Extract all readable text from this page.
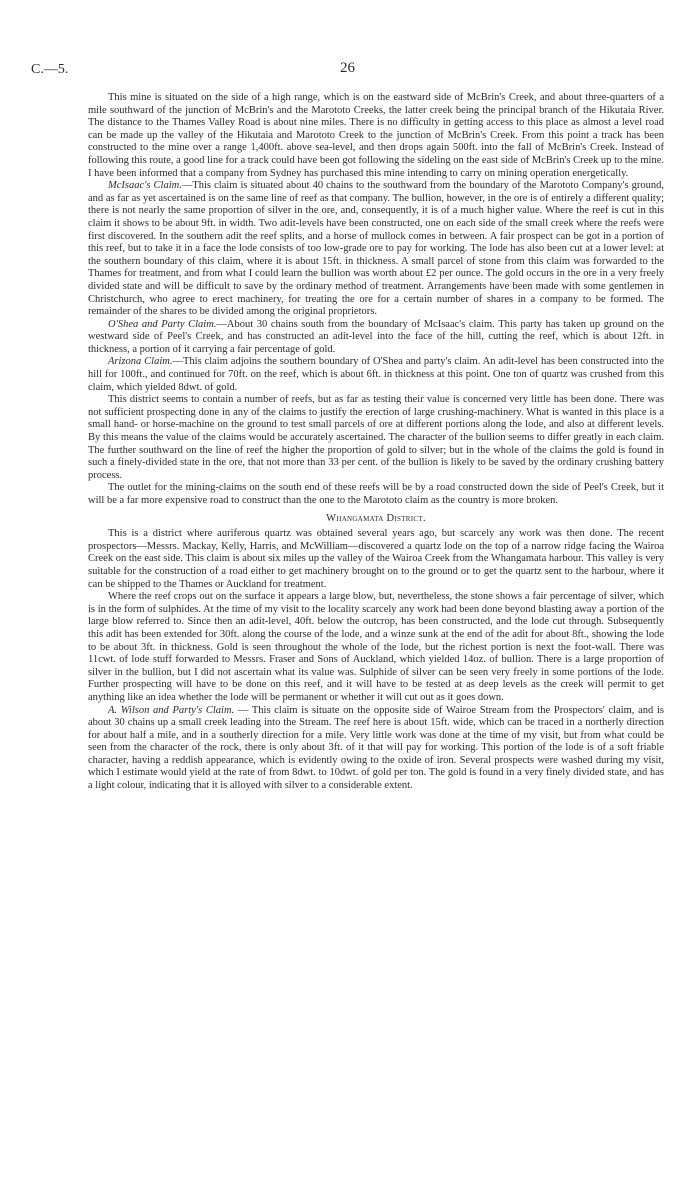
C.—5.	26

This mine is situated on the side of a high range, which is on the eastward side of McBrin's Creek, and about three-quarters of a mile southward of the junction of McBrin's and the Marototo Creeks, the latter creek being the principal branch of the Hikutaia River. The distance to the Thames Valley Road is about nine miles. There is no difficulty in getting access to this place as almost a level road can be made up the valley of the Hikutaia and Marototo Creek to the junction of McBrin's Creek. From this point a track has been constructed to the mine over a range 1,400ft. above sea-level, and then drops again 500ft. into the fall of McBrin's Creek. Instead of following this route, a good line for a track could have been got following the sideling on the east side of McBrin's Creek up to the mine. I have been informed that a company from Sydney has purchased this mine intending to carry on mining operation energetically.

McIsaac's Claim.—This claim is situated about 40 chains to the southward from the boundary of the Marototo Company's ground, and as far as yet ascertained is on the same line of reef as that company. The bullion, however, in the ore is of entirely a different quality; there is not nearly the same proportion of silver in the ore, and, consequently, it is of a much higher value. Where the reef is cut in this claim it shows to be about 9ft. in width. Two adit-levels have been constructed, one on each side of the small creek where the reefs were first discovered. In the southern adit the reef splits, and a horse of mullock comes in between. A fair prospect can be got in a portion of this reef, but to take it in a face the lode consists of too low-grade ore to pay for working. The lode has also been cut at a lower level: at the southern boundary of this claim, where it is about 15ft. in thickness. A small parcel of stone from this claim was forwarded to the Thames for treatment, and from what I could learn the bullion was worth about £2 per ounce. The gold occurs in the ore in a very freely divided state and will be difficult to save by the ordinary method of treatment. Arrangements have been made with some gentlemen in Christchurch, who agree to erect machinery, for treating the ore for a certain number of shares in a company to be formed. The remainder of the shares to be divided among the original proprietors.

O'Shea and Party Claim.—About 30 chains south from the boundary of McIsaac's claim. This party has taken up ground on the westward side of Peel's Creek, and has constructed an adit-level into the face of the hill, cutting the reef, which is about 12ft. in thickness, a portion of it carrying a fair percentage of gold.

Arizona Claim.—This claim adjoins the southern boundary of O'Shea and party's claim. An adit-level has been constructed into the hill for 100ft., and continued for 70ft. on the reef, which is about 6ft. in thickness at this point. One ton of quartz was crushed from this claim, which yielded 8dwt. of gold.

This district seems to contain a number of reefs, but as far as testing their value is concerned very little has been done. There was not sufficient prospecting done in any of the claims to justify the erection of large crushing-machinery. What is wanted in this place is a small hand- or horse-machine on the ground to test small parcels of ore at different portions along the lode, and also at different levels. By this means the value of the claims would be accurately ascertained. The character of the bullion seems to differ greatly in each claim. The further southward on the line of reef the higher the proportion of gold to silver; but in the whole of the claims the gold is found in such a finely-divided state in the ore, that not more than 33 per cent. of the bullion is likely to be saved by the ordinary crushing battery process.

The outlet for the mining-claims on the south end of these reefs will be by a road constructed down the side of Peel's Creek, but it will be a far more expensive road to construct than the one to the Marototo claim as the country is more broken.

Whangamata District.

This is a district where auriferous quartz was obtained several years ago, but scarcely any work was then done. The recent prospectors—Messrs. Mackay, Kelly, Harris, and McWilliam—discovered a quartz lode on the top of a narrow ridge facing the Wairoa Creek on the east side. This claim is about six miles up the valley of the Wairoa Creek from the Whangamata harbour. This valley is very suitable for the construction of a road either to get machinery brought on to the ground or to get the quartz sent to the harbour, where it can be shipped to the Thames or Auckland for treatment.

Where the reef crops out on the surface it appears a large blow, but, nevertheless, the stone shows a fair percentage of silver, which is in the form of sulphides. At the time of my visit to the locality scarcely any work had been done beyond blasting away a portion of the large blow referred to. Since then an adit-level, 40ft. below the outcrop, has been constructed, and the lode cut through. Subsequently this adit has been extended for 30ft. along the course of the lode, and a winze sunk at the end of the adit for about 8ft., showing the lode to be about 3ft. in thickness. Gold is seen throughout the whole of the lode, but the richest portion is next the foot-wall. There was 11cwt. of lode stuff forwarded to Messrs. Fraser and Sons of Auckland, which yielded 14oz. of bullion. There is a large proportion of silver in the bullion, but I did not ascertain what its value was. Sulphide of silver can be seen very freely in some portions of the lode. Further prospecting will have to be done on this reef, and it will have to be tested at as deep levels as the creek will permit to get anything like an idea whether the lode will be permanent or whether it will cut out as it goes down.

A. Wilson and Party's Claim. — This claim is situate on the opposite side of Wairoe Stream from the Prospectors' claim, and is about 30 chains up a small creek leading into the Stream. The reef here is about 15ft. wide, which can be traced in a northerly direction for about half a mile, and in a southerly direction for a mile. Very little work was done at the time of my visit, but from what could be seen from the character of the rock, there is only about 3ft. of it that will pay for working. This portion of the lode is of a soft friable character, having a reddish appearance, which is evidently owing to the oxide of iron. Several prospects were washed during my visit, which I estimate would yield at the rate of from 8dwt. to 10dwt. of gold per ton. The gold is found in a very finely divided state, and has a light colour, indicating that it is alloyed with silver to a considerable extent.
